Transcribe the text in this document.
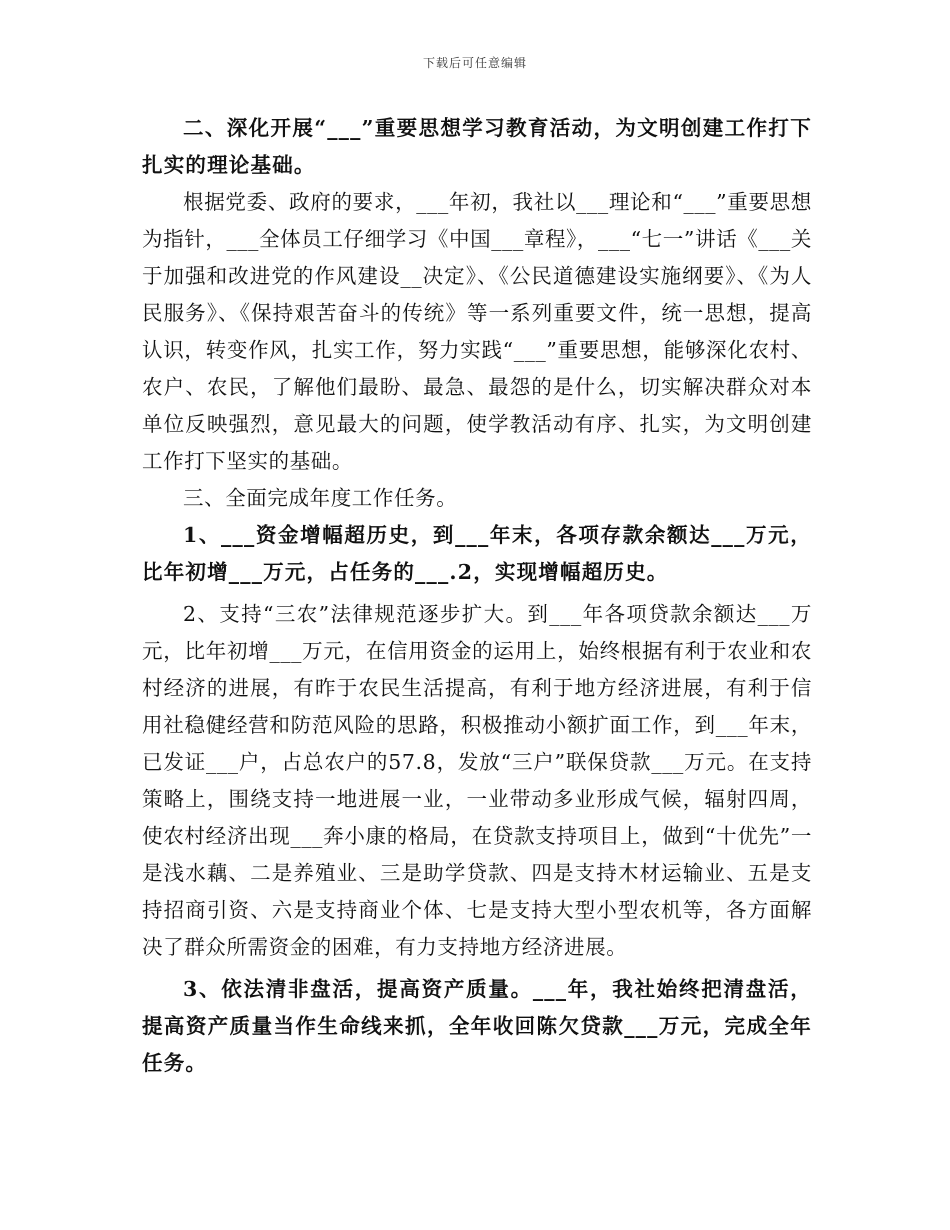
下载后可任意编辑

二、深化开展“___”重要思想学习教育活动，为文明创建工作打下扎实的理论基础。

根据党委、政府的要求，___年初，我社以___理论和“___”重要思想为指针，___全体员工仔细学习《中国___章程》，___“七一”讲话《___关于加强和改进党的作风建设__决定》、《公民道德建设实施纲要》、《为人民服务》、《保持艰苦奋斗的传统》等一系列重要文件，统一思想，提高认识，转变作风，扎实工作，努力实践“___”重要思想，能够深化农村、农户、农民，了解他们最盼、最急、最怨的是什么，切实解决群众对本单位反映强烈，意见最大的问题，使学教活动有序、扎实，为文明创建工作打下坚实的基础。

三、全面完成年度工作任务。

1、___资金增幅超历史，到___年末，各项存款余额达___万元，比年初增___万元，占任务的___.2，实现增幅超历史。

2、支持“三农”法律规范逐步扩大。到___年各项贷款余额达___万元，比年初增___万元，在信用资金的运用上，始终根据有利于农业和农村经济的进展，有昨于农民生活提高，有利于地方经济进展，有利于信用社稳健经营和防范风险的思路，积极推动小额扩面工作，到___年末，已发证___户，占总农户的57.8，发放“三户”联保贷款___万元。在支持策略上，围绕支持一地进展一业，一业带动多业形成气候，辐射四周，使农村经济出现___奔小康的格局，在贷款支持项目上，做到“十优先”一是浅水藕、二是养殖业、三是助学贷款、四是支持木材运输业、五是支持招商引资、六是支持商业个体、七是支持大型小型农机等，各方面解决了群众所需资金的困难，有力支持地方经济进展。

3、依法清非盘活，提高资产质量。___年，我社始终把清盘活，提高资产质量当作生命线来抓，全年收回陈欠贷款___万元，完成全年任务。
